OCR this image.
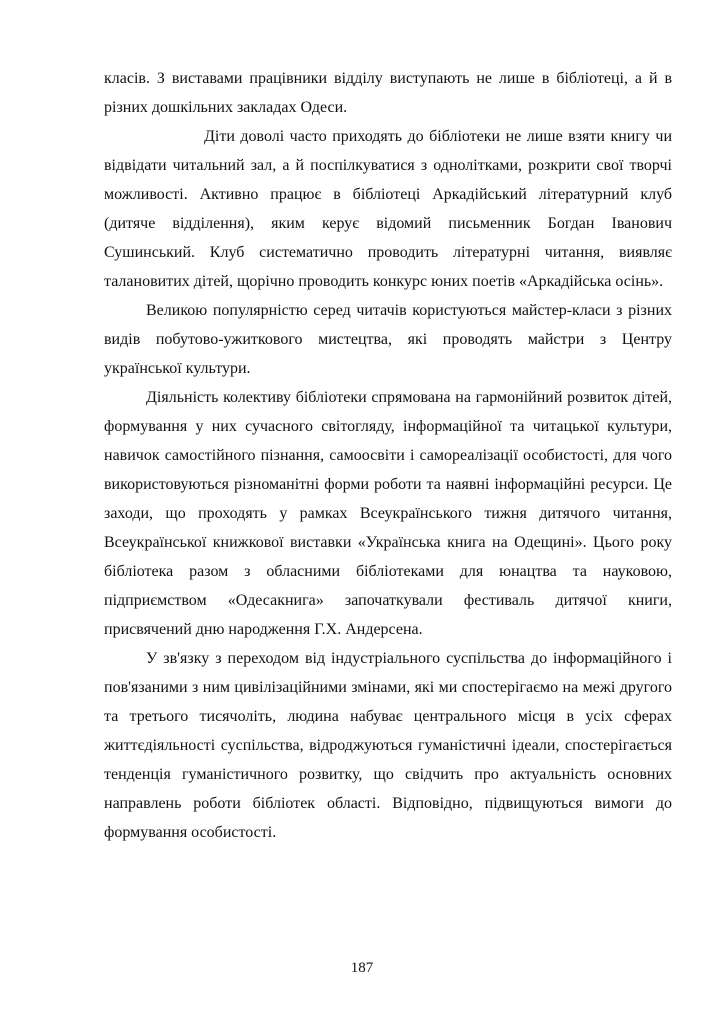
класів. З виставами працівники відділу виступають не лише в бібліотеці, а й в різних дошкільних закладах Одеси.

Діти доволі часто приходять до бібліотеки не лише взяти книгу чи відвідати читальний зал, а й поспілкуватися з однолітками, розкрити свої творчі можливості. Активно працює в бібліотеці Аркадійський літературний клуб (дитяче відділення), яким керує відомий письменник Богдан Іванович Сушинський. Клуб систематично проводить літературні читання, виявляє талановитих дітей, щорічно проводить конкурс юних поетів «Аркадійська осінь».

Великою популярністю серед читачів користуються майстер-класи з різних видів побутово-ужиткового мистецтва, які проводять майстри з Центру української культури.

Діяльність колективу бібліотеки спрямована на гармонійний розвиток дітей, формування у них сучасного світогляду, інформаційної та читацької культури, навичок самостійного пізнання, самоосвіти і самореалізації особистості, для чого використовуються різноманітні форми роботи та наявні інформаційні ресурси. Це заходи, що проходять у рамках Всеукраїнського тижня дитячого читання, Всеукраїнської книжкової виставки «Українська книга на Одещині». Цього року бібліотека разом з обласними бібліотеками для юнацтва та науковою, підприємством «Одесакнига» започаткували фестиваль дитячої книги, присвячений дню народження Г.Х. Андерсена.

У зв'язку з переходом від індустріального суспільства до інформаційного і пов'язаними з ним цивілізаційними змінами, які ми спостерігаємо на межі другого та третього тисячоліть, людина набуває центрального місця в усіх сферах життєдіяльності суспільства, відроджуються гуманістичні ідеали, спостерігається тенденція гуманістичного розвитку, що свідчить про актуальність основних направлень роботи бібліотек області. Відповідно, підвищуються вимоги до формування особистості.

187
